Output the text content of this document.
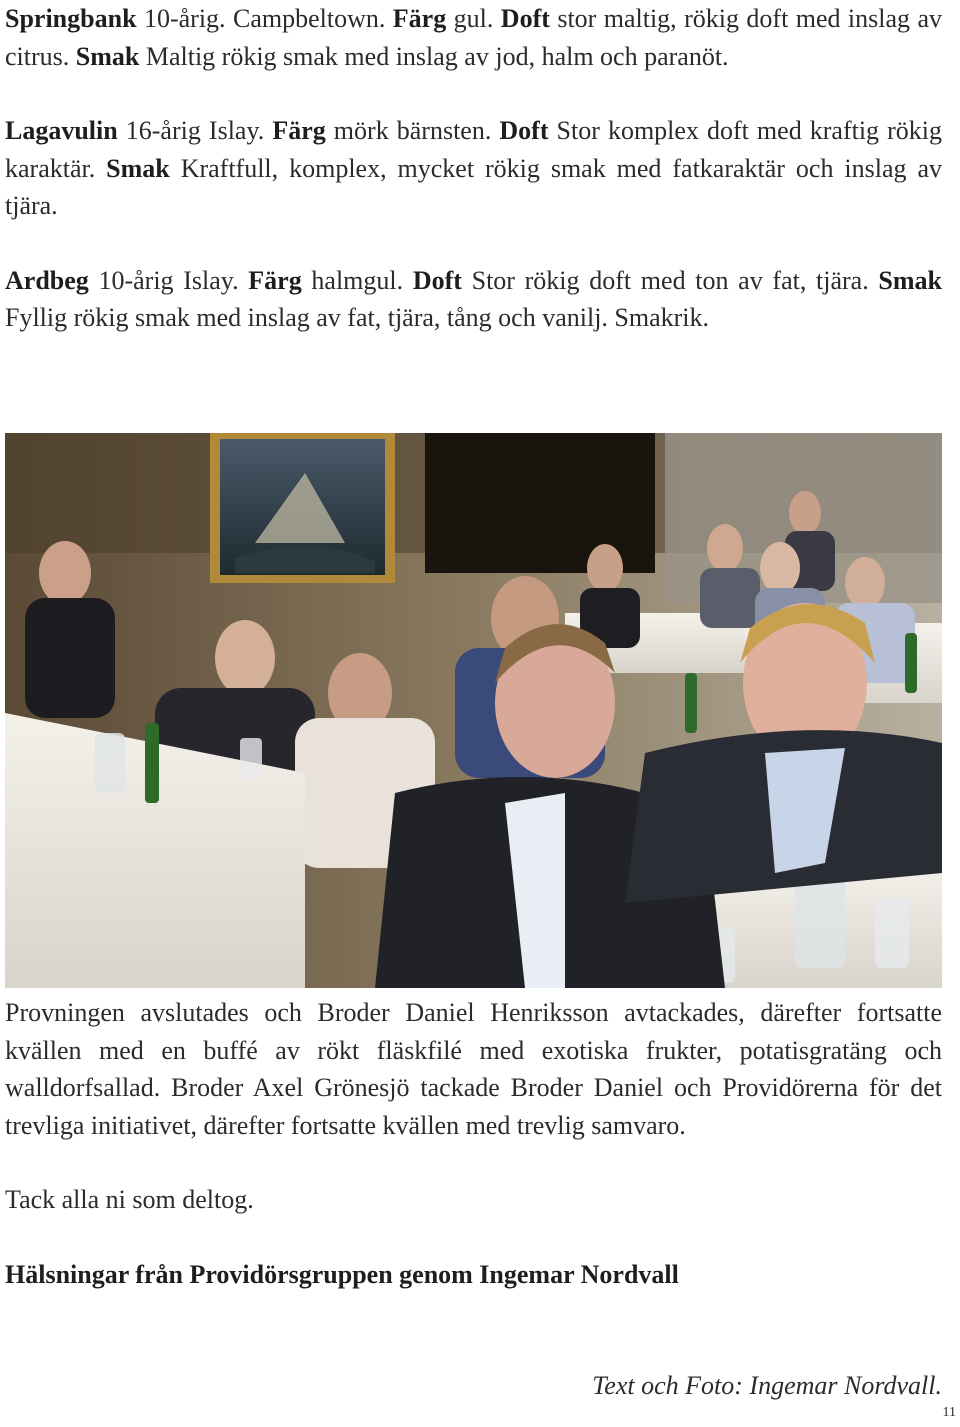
Springbank 10-årig. Campbeltown. Färg gul. Doft stor maltig, rökig doft med inslag av citrus. Smak Maltig rökig smak med inslag av jod, halm och paranöt.

Lagavulin 16-årig Islay. Färg mörk bärnsten. Doft Stor komplex doft med kraftig rökig karaktär. Smak Kraftfull, komplex, mycket rökig smak med fatkaraktär och inslag av tjära.

Ardbeg 10-årig Islay. Färg halmgul. Doft Stor rökig doft med ton av fat, tjära. Smak Fyllig rökig smak med inslag av fat, tjära, tång och vanilj. Smakrik.

Provningen avslutades och Broder Daniel Henriksson avtackades, därefter fortsatte kvällen med en buffé av rökt fläskfilé med exotiska frukter, potatisgratäng och walldorfsallad. Broder Axel Grönesjö tackade Broder Daniel och Providörerna för det trevliga initiativet, därefter fortsatte kvällen med trevlig samvaro.

Tack alla ni som deltog.

Hälsningar från Providörsgruppen genom Ingemar Nordvall

Text och Foto: Ingemar Nordvall.

11
